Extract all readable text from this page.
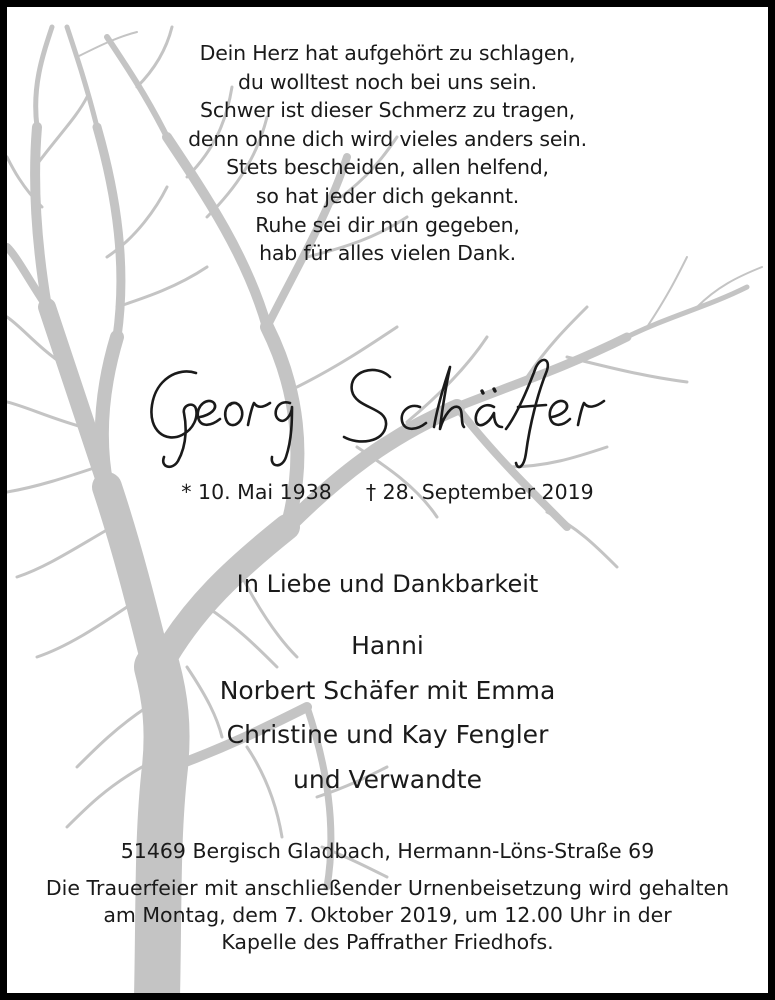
Dein Herz hat aufgehört zu schlagen,
du wolltest noch bei uns sein.
Schwer ist dieser Schmerz zu tragen,
denn ohne dich wird vieles anders sein.
Stets bescheiden, allen helfend,
so hat jeder dich gekannt.
Ruhe sei dir nun gegeben,
hab für alles vielen Dank.
* 10. Mai 1938 † 28. September 2019
In Liebe und Dankbarkeit
Hanni
Norbert Schäfer mit Emma
Christine und Kay Fengler
und Verwandte
51469 Bergisch Gladbach, Hermann-Löns-Straße 69
Die Trauerfeier mit anschließender Urnenbeisetzung wird gehalten
am Montag, dem 7. Oktober 2019, um 12.00 Uhr in der
Kapelle des Paffrather Friedhofs.
